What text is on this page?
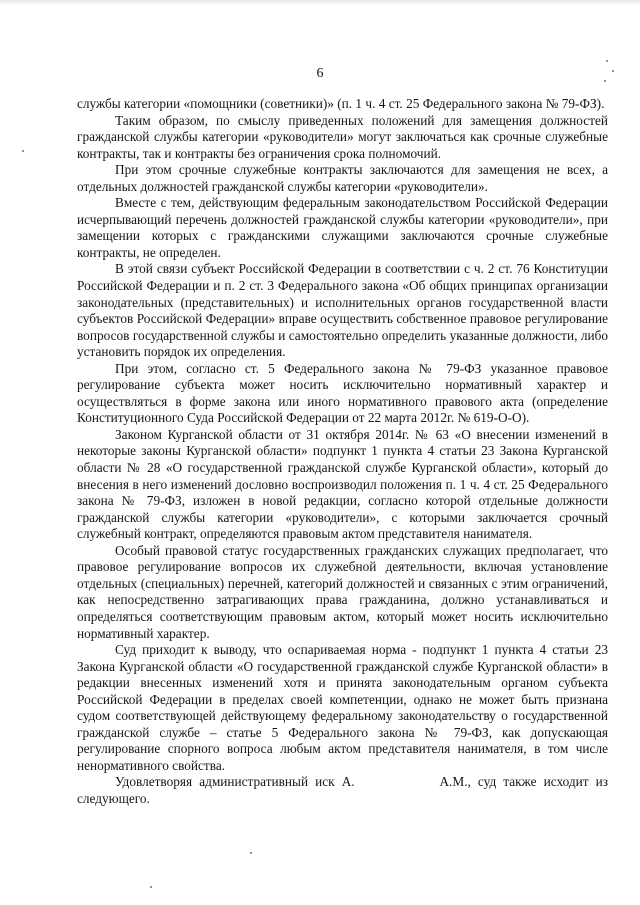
6

службы категории «помощники (советники)» (п. 1 ч. 4 ст. 25 Федерального закона № 79-ФЗ).

Таким образом, по смыслу приведенных положений для замещения должностей гражданской службы категории «руководители» могут заключаться как срочные служебные контракты, так и контракты без ограничения срока полномочий.

При этом срочные служебные контракты заключаются для замещения не всех, а отдельных должностей гражданской службы категории «руководители».

Вместе с тем, действующим федеральным законодательством Российской Федерации исчерпывающий перечень должностей гражданской службы категории «руководители», при замещении которых с гражданскими служащими заключаются срочные служебные контракты, не определен.

В этой связи субъект Российской Федерации в соответствии с ч. 2 ст. 76 Конституции Российской Федерации и п. 2 ст. 3 Федерального закона «Об общих принципах организации законодательных (представительных) и исполнительных органов государственной власти субъектов Российской Федерации» вправе осуществить собственное правовое регулирование вопросов государственной службы и самостоятельно определить указанные должности, либо установить порядок их определения.

При этом, согласно ст. 5 Федерального закона № 79-ФЗ указанное правовое регулирование субъекта может носить исключительно нормативный характер и осуществляться в форме закона или иного нормативного правового акта (определение Конституционного Суда Российской Федерации от 22 марта 2012г. № 619-О-О).

Законом Курганской области от 31 октября 2014г. № 63 «О внесении изменений в некоторые законы Курганской области» подпункт 1 пункта 4 статьи 23 Закона Курганской области № 28 «О государственной гражданской службе Курганской области», который до внесения в него изменений дословно воспроизводил положения п. 1 ч. 4 ст. 25 Федерального закона № 79-ФЗ, изложен в новой редакции, согласно которой отдельные должности гражданской службы категории «руководители», с которыми заключается срочный служебный контракт, определяются правовым актом представителя нанимателя.

Особый правовой статус государственных гражданских служащих предполагает, что правовое регулирование вопросов их служебной деятельности, включая установление отдельных (специальных) перечней, категорий должностей и связанных с этим ограничений, как непосредственно затрагивающих права гражданина, должно устанавливаться и определяться соответствующим правовым актом, который может носить исключительно нормативный характер.

Суд приходит к выводу, что оспариваемая норма - подпункт 1 пункта 4 статьи 23 Закона Курганской области «О государственной гражданской службе Курганской области» в редакции внесенных изменений хотя и принята законодательным органом субъекта Российской Федерации в пределах своей компетенции, однако не может быть признана судом соответствующей действующему федеральному законодательству о государственной гражданской службе – статье 5 Федерального закона № 79-ФЗ, как допускающая регулирование спорного вопроса любым актом представителя нанимателя, в том числе ненормативного свойства.

Удовлетворяя административный иск А.            А.М., суд также исходит из следующего.
